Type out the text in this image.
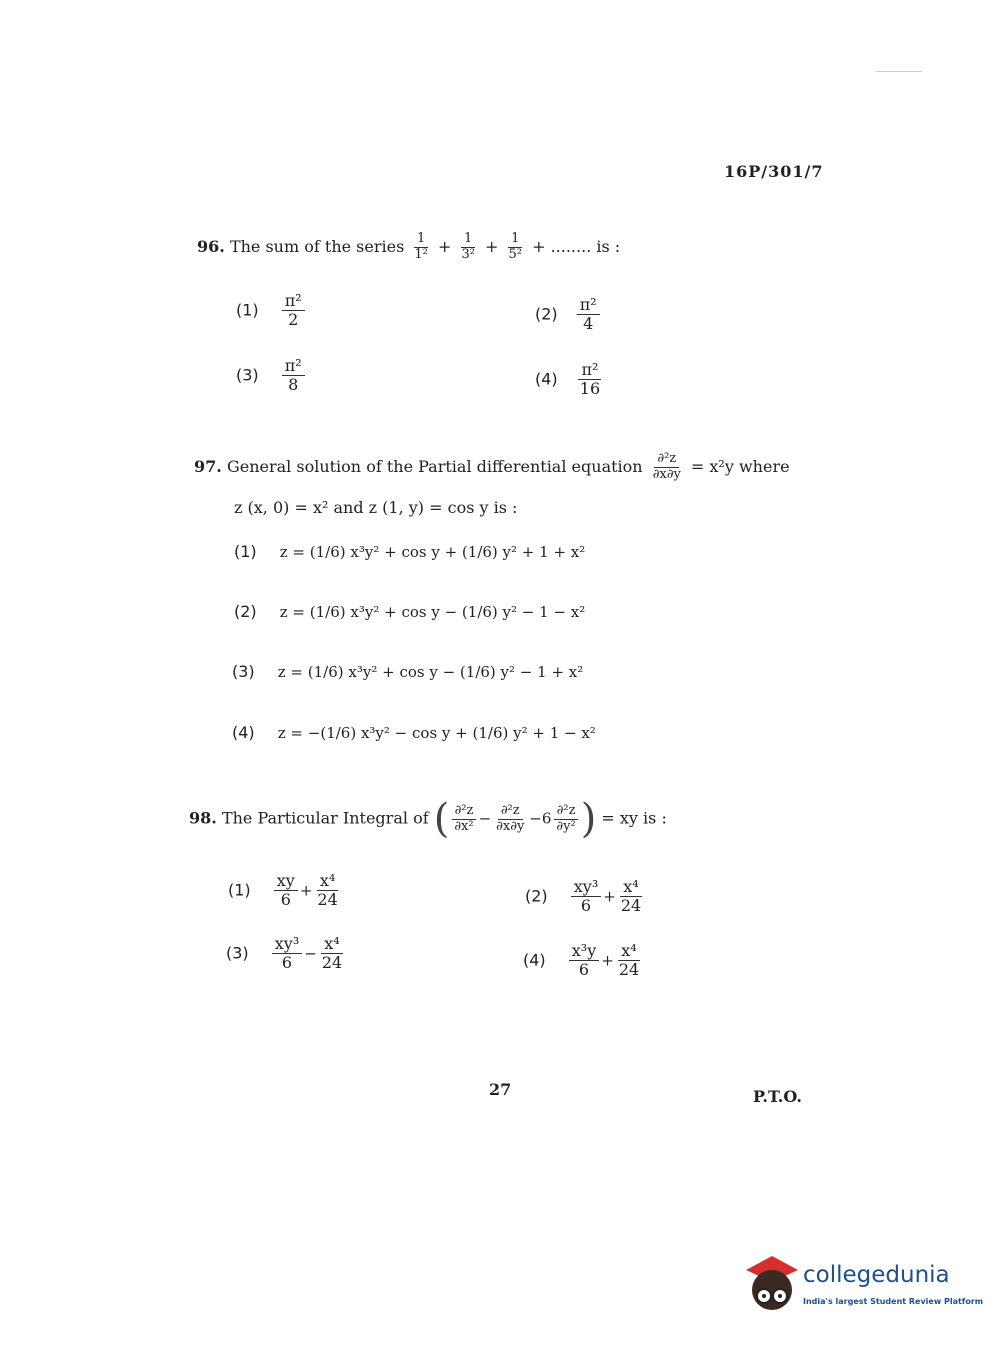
16P/301/7
96. The sum of the series $\frac{1}{\text{1²}} + \frac{1}{\text{3²}} + \frac{1}{\text{5²}}$ + ........ is :
$(1) \frac{\text{π²}}{2}$	$(2) \frac{\text{π²}}{4}$
$(3) \frac{\text{π²}}{8}$	$(4) \frac{\text{π²}}{16}$
97. General solution of the Partial differential equation $\frac{\text{∂²z}}{\partial x\partial y} = x^2y$ where
z (x, 0) = x² and z (1, y) = cos y is :
(1) z = (1/6) x³y² + cos y + (1/6) y² + 1 + x²
(2) z = (1/6) x³y² + cos y − (1/6) y² − 1 − x²
(3) z = (1/6) x³y² + cos y − (1/6) y² − 1 + x²
(4) z = −(1/6) x³y² − cos y + (1/6) y² + 1 − x²
98. The Particular Integral of ( $\frac{\text{∂²z}}{\text{∂x²}} - \frac{\text{∂²z}}{\partial x\partial y} -6 \frac{\text{∂²z}}{\text{∂y²}}$ ) = xy is :
$(1) \frac{xy}{6} + \frac{\text{x⁴}}{24}$	$(2) \frac{\text{xy³}}{6} + \frac{\text{x⁴}}{24}$
$(3) \frac{\text{xy³}}{6} - \frac{\text{x⁴}}{24}$	$(4) \frac{\text{x³y}}{6} + \frac{\text{x⁴}}{24}$
27	P.T.O.
collegedunia
India's largest Student Review Platform
